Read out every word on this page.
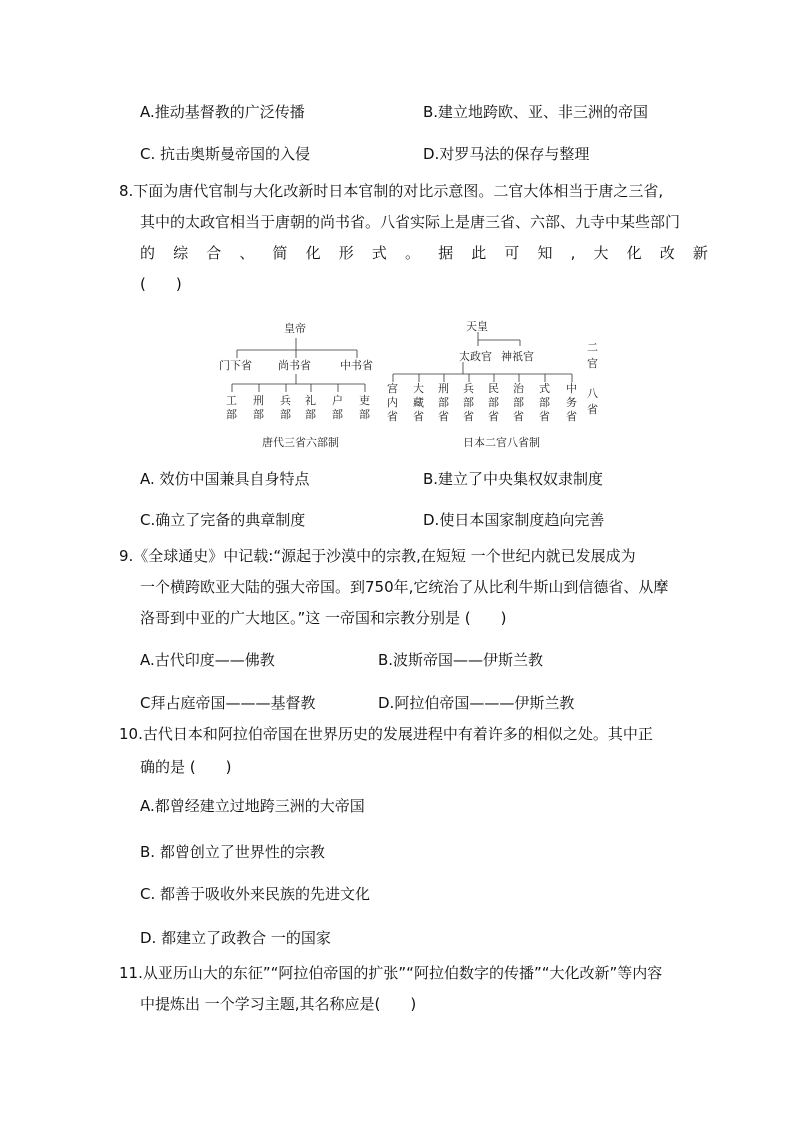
A.推动基督教的广泛传播	B.建立地跨欧、亚、非三洲的帝国
C. 抗击奥斯曼帝国的入侵	D.对罗马法的保存与整理
8.下面为唐代官制与大化改新时日本官制的对比示意图。二官大体相当于唐之三省,
其中的太政官相当于唐朝的尚书省。八省实际上是唐三省、六部、九寺中某些部门
的 综 合 、 简 化 形 式 。 据 此 可 知 , 大 化 改 新
(　　)
皇帝
门下省 尚书省	中书省
工部
刑部
兵部
礼部
户部
吏部
唐代三省六部制
天皇
太政官 神祇官
二官
宫内省
大藏省
刑部省
兵部省
民部省
治部省
式部省
中务省
八省
日本二官八省制
A. 效仿中国兼具自身特点	B.建立了中央集权奴隶制度
C.确立了完备的典章制度	D.使日本国家制度趋向完善
9.《全球通史》中记载:“源起于沙漠中的宗教,在短短 一个世纪内就已发展成为
一个横跨欧亚大陆的强大帝国。到750年,它统治了从比利牛斯山到信德省、从摩
洛哥到中亚的广大地区。”这 一帝国和宗教分别是 (　　)
A.古代印度——佛教	B.波斯帝国——伊斯兰教
C拜占庭帝国———基督教	D.阿拉伯帝国———伊斯兰教
10.古代日本和阿拉伯帝国在世界历史的发展进程中有着许多的相似之处。其中正
确的是 (　　)
A.都曾经建立过地跨三洲的大帝国
B. 都曾创立了世界性的宗教
C. 都善于吸收外来民族的先进文化
D. 都建立了政教合 一的国家
11.从亚历山大的东征”“阿拉伯帝国的扩张”“阿拉伯数字的传播”“大化改新”等内容
中提炼出 一个学习主题,其名称应是(　　)
